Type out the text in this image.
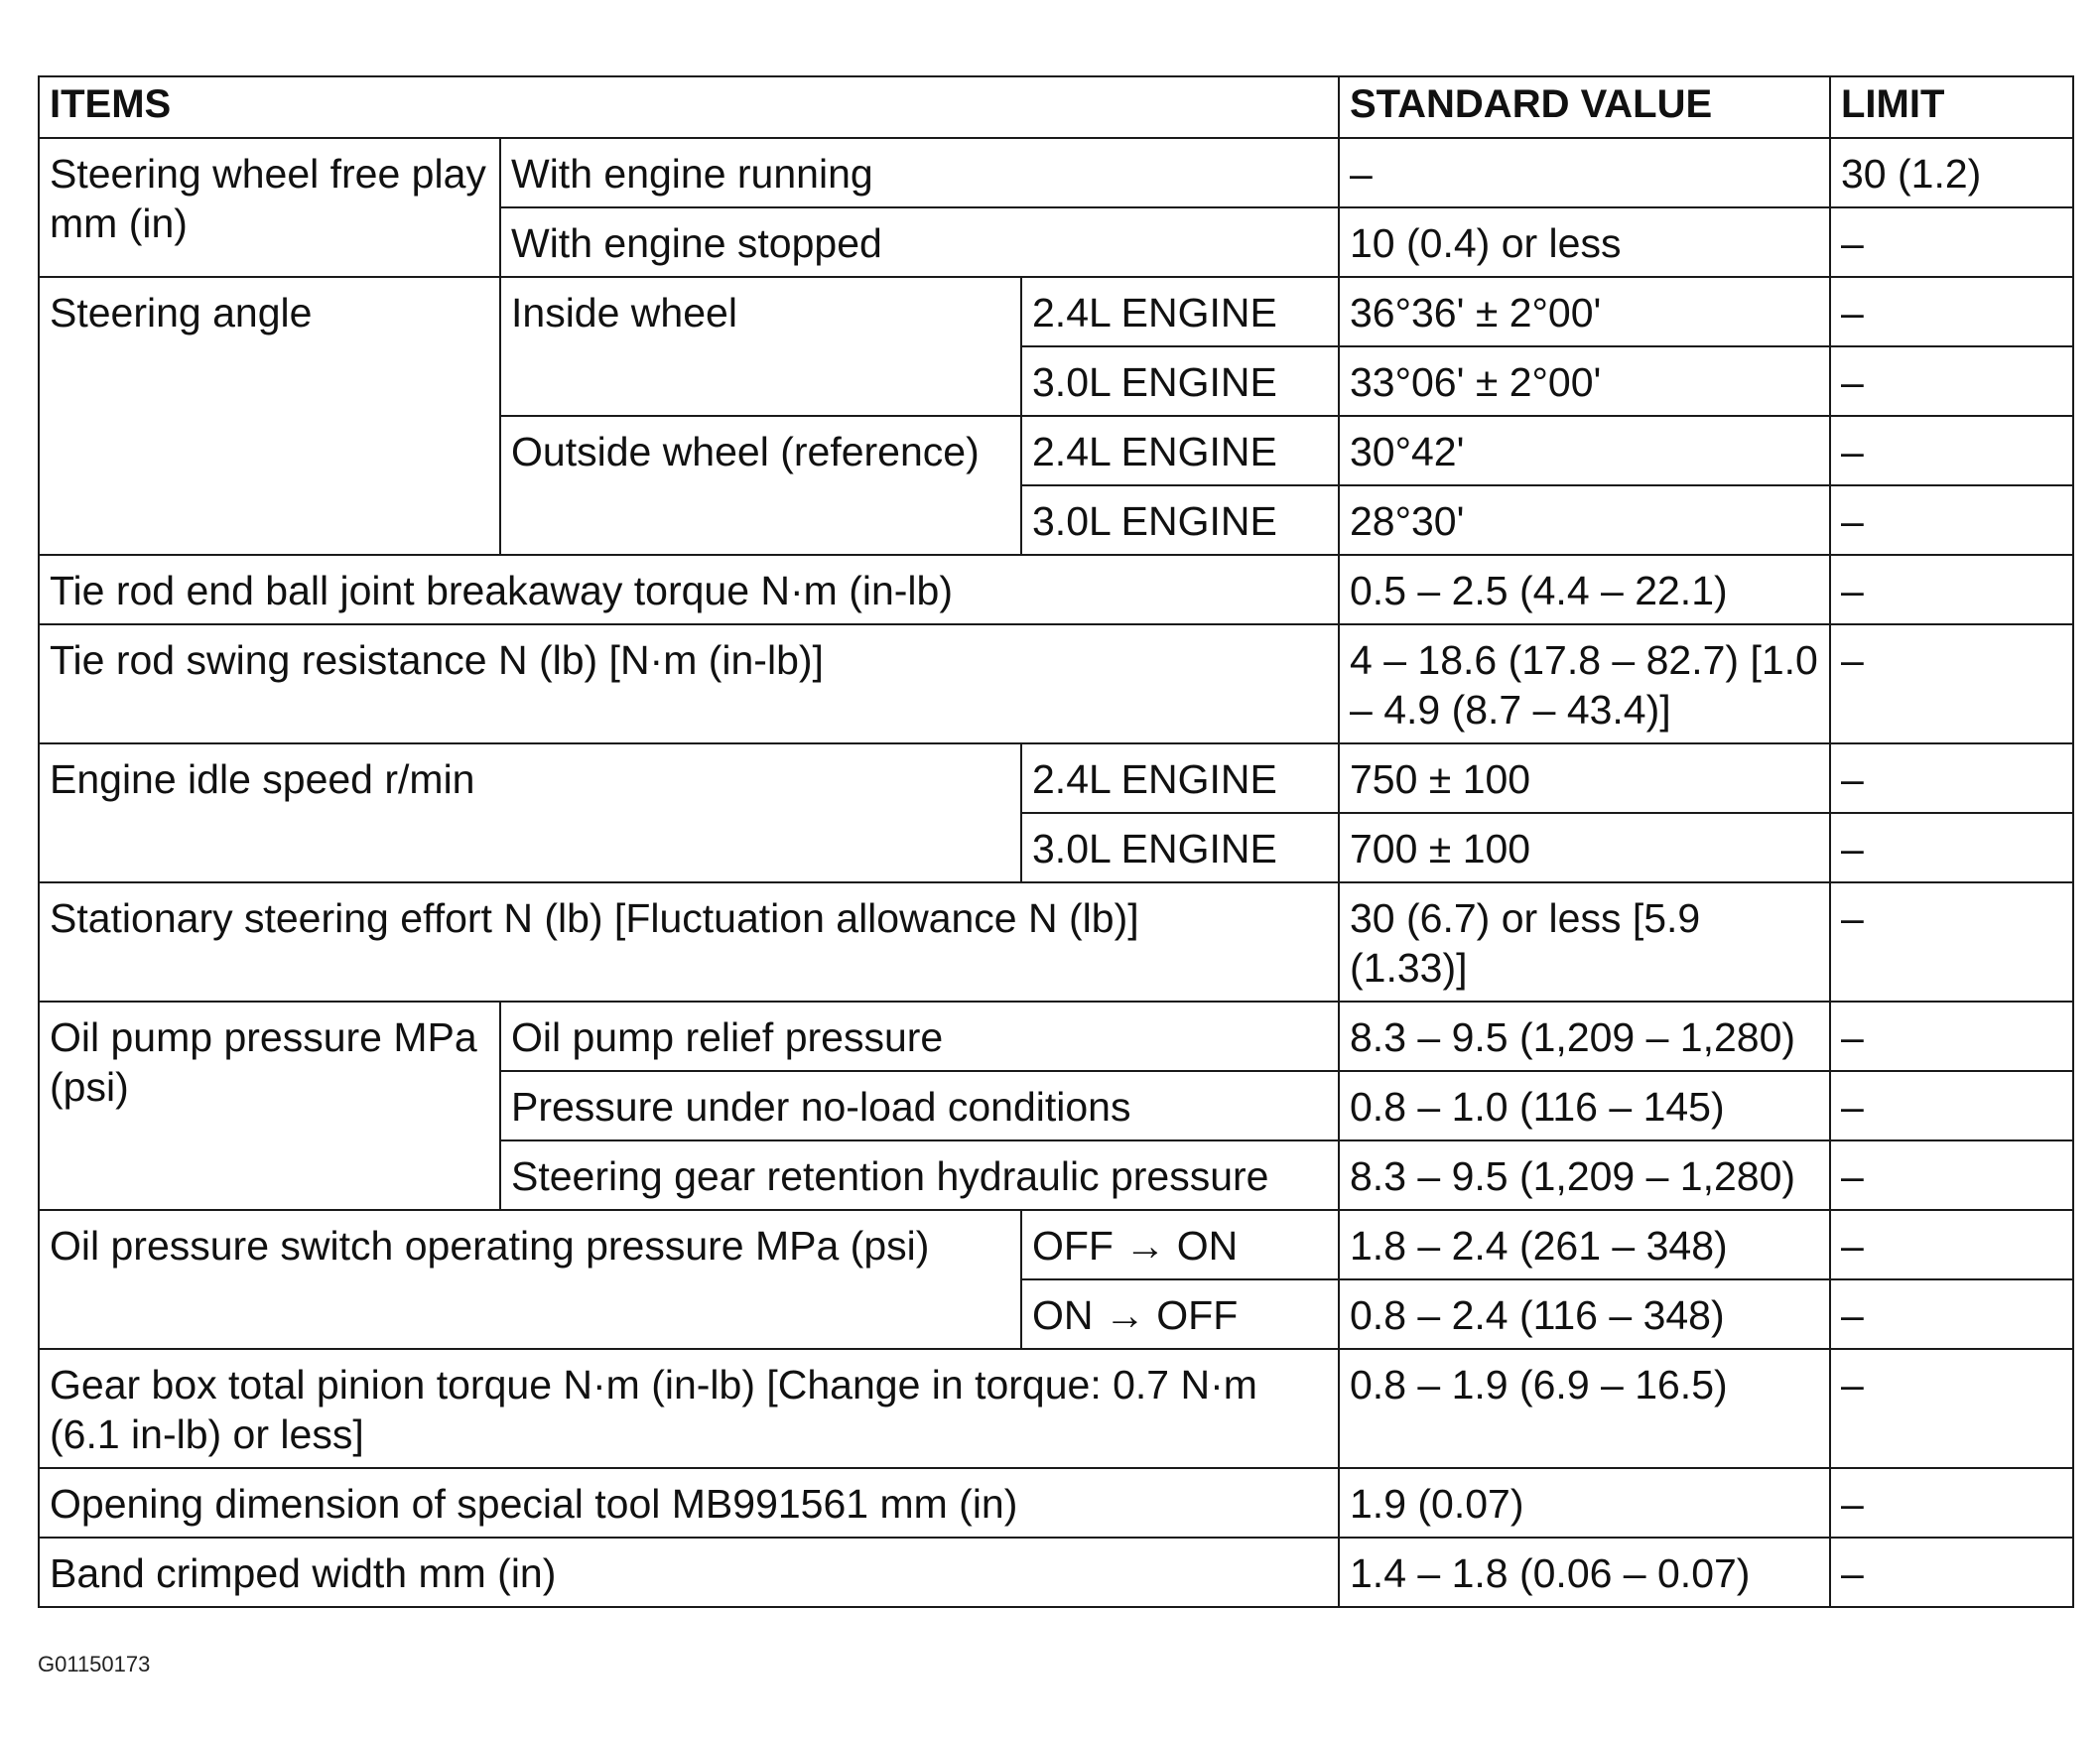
ITEMS			STANDARD VALUE	LIMIT
Steering wheel free play mm (in)	With engine running		–	30 (1.2)
	With engine stopped		10 (0.4) or less	–
Steering angle	Inside wheel	2.4L ENGINE	36°36' ± 2°00'	–
		3.0L ENGINE	33°06' ± 2°00'	–
	Outside wheel (reference)	2.4L ENGINE	30°42'	–
		3.0L ENGINE	28°30'	–
Tie rod end ball joint breakaway torque N·m (in-lb)			0.5 – 2.5 (4.4 – 22.1)	–
Tie rod swing resistance N (lb) [N·m (in-lb)]			4 – 18.6 (17.8 – 82.7) [1.0 – 4.9 (8.7 – 43.4)]	–
Engine idle speed r/min		2.4L ENGINE	750 ± 100	–
		3.0L ENGINE	700 ± 100	–
Stationary steering effort N (lb) [Fluctuation allowance N (lb)]			30 (6.7) or less [5.9 (1.33)]	–
Oil pump pressure MPa (psi)	Oil pump relief pressure		8.3 – 9.5 (1,209 – 1,280)	–
	Pressure under no-load conditions		0.8 – 1.0 (116 – 145)	–
	Steering gear retention hydraulic pressure		8.3 – 9.5 (1,209 – 1,280)	–
Oil pressure switch operating pressure MPa (psi)		OFF → ON	1.8 – 2.4 (261 – 348)	–
		ON → OFF	0.8 – 2.4 (116 – 348)	–
Gear box total pinion torque N·m (in-lb) [Change in torque: 0.7 N·m (6.1 in-lb) or less]			0.8 – 1.9 (6.9 – 16.5)	–
Opening dimension of special tool MB991561 mm (in)			1.9 (0.07)	–
Band crimped width mm (in)			1.4 – 1.8 (0.06 – 0.07)	–
G01150173
